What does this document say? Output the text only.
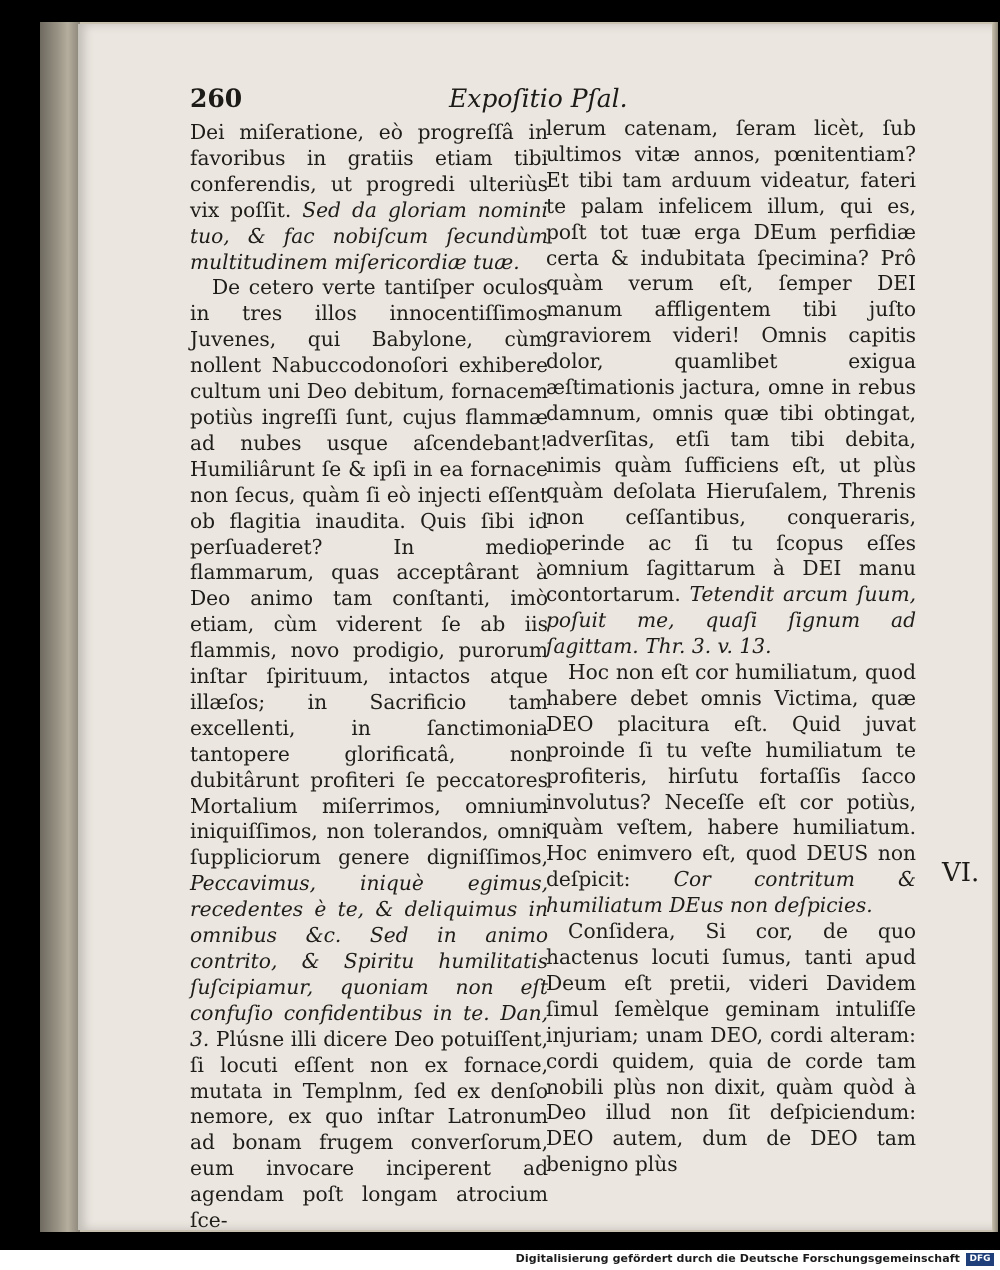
260	Expoſitio Pſal.

Dei miſeratione, eò progreſſâ in favoribus in gratiis etiam tibi conferendis, ut progredi ulteriùs vix poſſit. Sed da gloriam nomini tuo, & fac nobiſcum ſecundùm multitudinem miſericordiæ tuæ.

De cetero verte tantiſper oculos in tres illos innocentiſſimos Juvenes, qui Babylone, cùm nollent Nabuccodonoſori exhibere cultum uni Deo debitum, fornacem potiùs ingreſſi ſunt, cujus flammæ ad nubes usque aſcendebant! Humiliârunt ſe & ipſi in ea fornace non ſecus, quàm ſi eò injecti eſſent ob flagitia inaudita. Quis ſibi id perſuaderet? In medio flammarum, quas acceptârant à Deo animo tam conſtanti, imò etiam, cùm viderent ſe ab iis flammis, novo prodigio, purorum inſtar ſpirituum, intactos atque illæſos; in Sacrificio tam excellenti, in ſanctimonia tantopere glorificatâ, non dubitârunt profiteri ſe peccatores Mortalium miſerrimos, omnium iniquiſſimos, non tolerandos, omni ſuppliciorum genere digniſſimos, Peccavimus, iniquè egimus, recedentes è te, & deliquimus in omnibus &c. Sed in animo contrito, & Spiritu humilitatis ſuſcipiamur, quoniam non eſt confuſio confidentibus in te. Dan, 3. Plúsne illi dicere Deo potuiſſent, ſi locuti eſſent non ex fornace, mutata in Templnm, ſed ex denſo nemore, ex quo inſtar Latronum ad bonam frugem converſorum, eum invocare inciperent ad agendam poſt longam atrocium ſce-

lerum catenam, ſeram licèt, ſub ultimos vitæ annos, pœnitentiam? Et tibi tam arduum videatur, fateri te palam infelicem illum, qui es, poſt tot tuæ erga DEum perfidiæ certa & indubitata ſpecimina? Prô quàm verum eſt, ſemper DEI manum affligentem tibi juſto graviorem videri! Omnis capitis dolor, quamlibet exigua æſtimationis jactura, omne in rebus damnum, omnis quæ tibi obtingat, adverſitas, etſi tam tibi debita, nimis quàm ſufficiens eſt, ut plùs quàm deſolata Hieruſalem, Threnis non ceſſantibus, conqueraris, perinde ac ſi tu ſcopus eſſes omnium ſagittarum à DEI manu contortarum. Tetendit arcum ſuum, poſuit me, quaſi ſignum ad ſagittam. Thr. 3. v. 13.

Hoc non eſt cor humiliatum, quod habere debet omnis Victima, quæ DEO placitura eſt. Quid juvat proinde ſi tu veſte humiliatum te profiteris, hirſutu fortaſſis ſacco involutus? Neceſſe eſt cor potiùs, quàm veſtem, habere humiliatum. Hoc enimvero eſt, quod DEUS non deſpicit: Cor contritum & humiliatum DEus non deſpicies.

Conſidera, Si cor, de quo hactenus locuti ſumus, tanti apud Deum eſt pretii, videri Davidem ſimul ſemèlque geminam intuliſſe injuriam; unam DEO, cordi alteram: cordi quidem, quia de corde tam nobili plùs non dixit, quàm quòd à Deo illud non ſit deſpiciendum: DEO autem, dum de DEO tam benigno plùs

VI.
Digitalisierung gefördert durch die Deutsche Forschungsgemeinschaft	DFG
